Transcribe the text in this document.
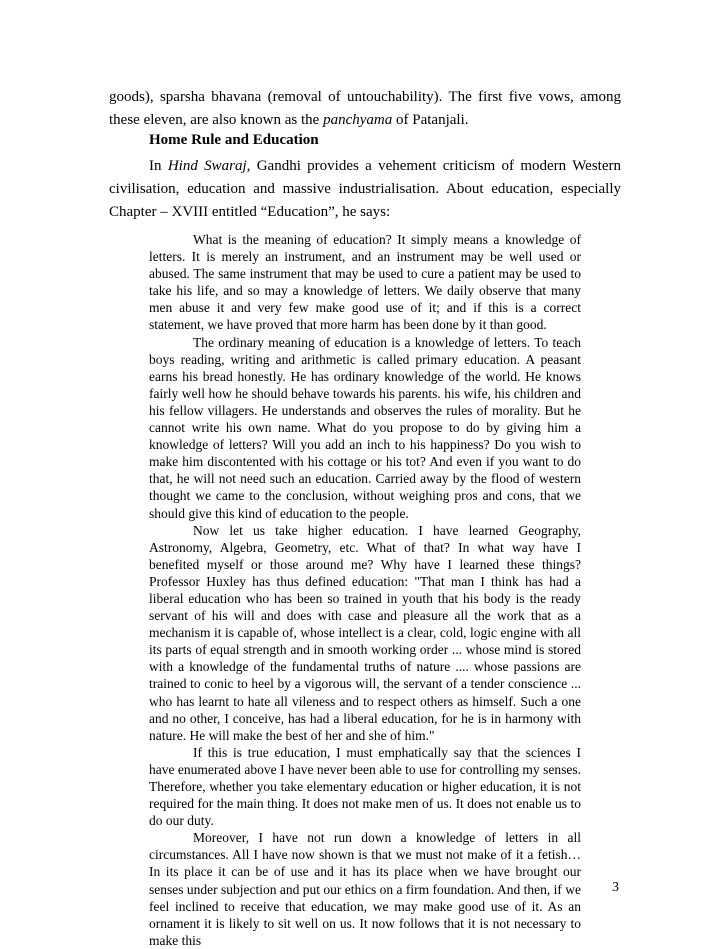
goods), sparsha bhavana (removal of untouchability). The first five vows, among these eleven, are also known as the panchyama of Patanjali.

Home Rule and Education

In Hind Swaraj, Gandhi provides a vehement criticism of modern Western civilisation, education and massive industrialisation. About education, especially Chapter – XVIII entitled “Education”, he says:

What is the meaning of education? It simply means a knowledge of letters. It is merely an instrument, and an instrument may be well used or abused. The same instrument that may be used to cure a patient may be used to take his life, and so may a knowledge of letters. We daily observe that many men abuse it and very few make good use of it; and if this is a correct statement, we have proved that more harm has been done by it than good.

The ordinary meaning of education is a knowledge of letters. To teach boys reading, writing and arithmetic is called primary education. A peasant earns his bread honestly. He has ordinary knowledge of the world. He knows fairly well how he should behave towards his parents. his wife, his children and his fellow villagers. He understands and observes the rules of morality. But he cannot write his own name. What do you propose to do by giving him a knowledge of letters? Will you add an inch to his happiness? Do you wish to make him discontented with his cottage or his tot? And even if you want to do that, he will not need such an education. Carried away by the flood of western thought we came to the conclusion, without weighing pros and cons, that we should give this kind of education to the people.

Now let us take higher education. I have learned Geography, Astronomy, Algebra, Geometry, etc. What of that? In what way have I benefited myself or those around me? Why have I learned these things? Professor Huxley has thus defined education: "That man I think has had a liberal education who has been so trained in youth that his body is the ready servant of his will and does with case and pleasure all the work that as a mechanism it is capable of, whose intellect is a clear, cold, logic engine with all its parts of equal strength and in smooth working order ... whose mind is stored with a knowledge of the fundamental truths of nature .... whose passions are trained to conic to heel by a vigorous will, the servant of a tender conscience ... who has learnt to hate all vileness and to respect others as himself. Such a one and no other, I conceive, has had a liberal education, for he is in harmony with nature. He will make the best of her and she of him."

If this is true education, I must emphatically say that the sciences I have enumerated above I have never been able to use for controlling my senses. Therefore, whether you take elementary education or higher education, it is not required for the main thing. It does not make men of us. It does not enable us to do our duty.

Moreover, I have not run down a knowledge of letters in all circumstances. All I have now shown is that we must not make of it a fetish… In its place it can be of use and it has its place when we have brought our senses under subjection and put our ethics on a firm foundation. And then, if we feel inclined to receive that education, we may make good use of it. As an ornament it is likely to sit well on us. It now follows that it is not necessary to make this

3
